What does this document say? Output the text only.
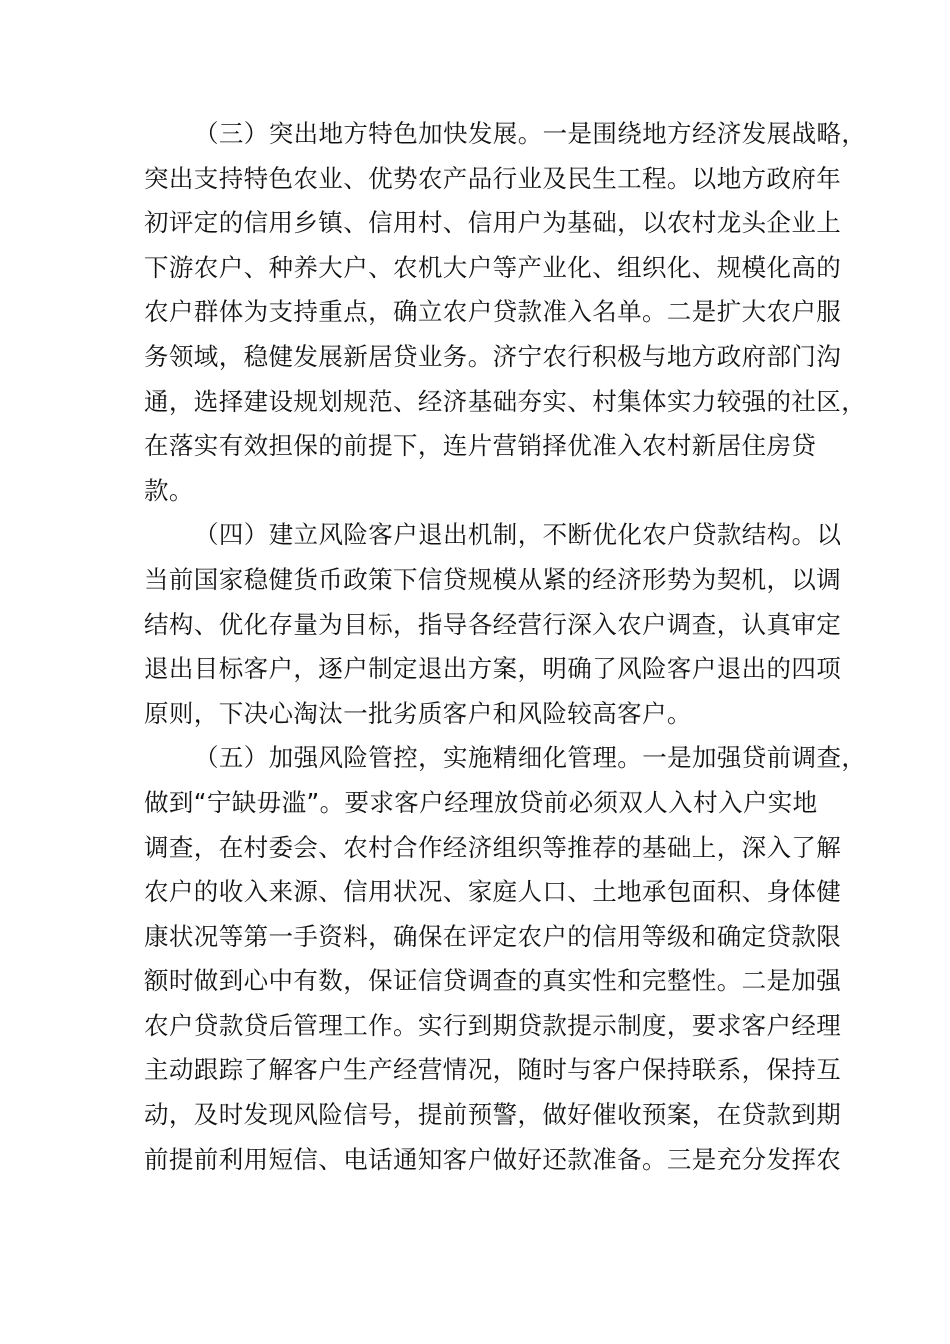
（三）突出地方特色加快发展。一是围绕地方经济发展战略，
突出支持特色农业、优势农产品行业及民生工程。以地方政府年
初评定的信用乡镇、信用村、信用户为基础，以农村龙头企业上
下游农户、种养大户、农机大户等产业化、组织化、规模化高的
农户群体为支持重点，确立农户贷款准入名单。二是扩大农户服
务领域，稳健发展新居贷业务。济宁农行积极与地方政府部门沟
通，选择建设规划规范、经济基础夯实、村集体实力较强的社区，
在落实有效担保的前提下，连片营销择优准入农村新居住房贷
款。
（四）建立风险客户退出机制，不断优化农户贷款结构。以
当前国家稳健货币政策下信贷规模从紧的经济形势为契机，以调
结构、优化存量为目标，指导各经营行深入农户调查，认真审定
退出目标客户，逐户制定退出方案，明确了风险客户退出的四项
原则，下决心淘汰一批劣质客户和风险较高客户。
（五）加强风险管控，实施精细化管理。一是加强贷前调查，
做到“宁缺毋滥”。要求客户经理放贷前必须双人入村入户实地
调查，在村委会、农村合作经济组织等推荐的基础上，深入了解
农户的收入来源、信用状况、家庭人口、土地承包面积、身体健
康状况等第一手资料，确保在评定农户的信用等级和确定贷款限
额时做到心中有数，保证信贷调查的真实性和完整性。二是加强
农户贷款贷后管理工作。实行到期贷款提示制度，要求客户经理
主动跟踪了解客户生产经营情况，随时与客户保持联系，保持互
动，及时发现风险信号，提前预警，做好催收预案，在贷款到期
前提前利用短信、电话通知客户做好还款准备。三是充分发挥农
